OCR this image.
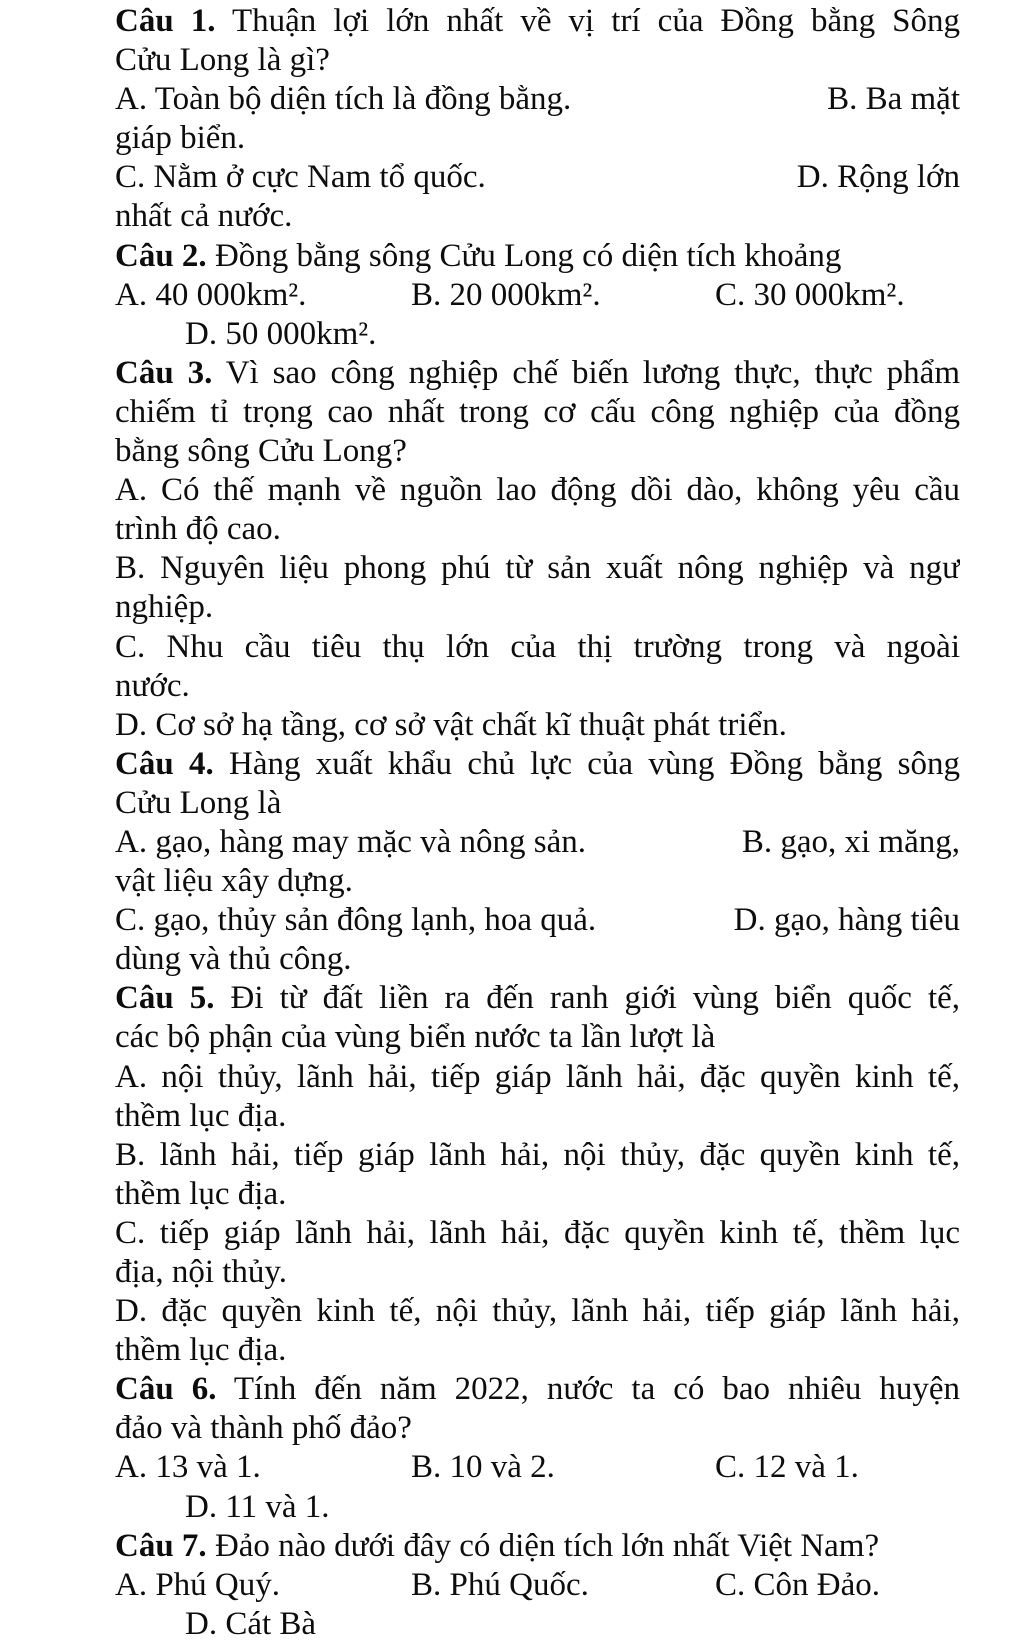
Câu 1. Thuận lợi lớn nhất về vị trí của Đồng bằng Sông
Cửu Long là gì?
A. Toàn bộ diện tích là đồng bằng.	B. Ba mặt
giáp biển.
C. Nằm ở cực Nam tổ quốc.	D. Rộng lớn
nhất cả nước.
Câu 2. Đồng bằng sông Cửu Long có diện tích khoảng
A. 40 000km².	B. 20 000km².	C. 30 000km².
D. 50 000km².
Câu 3. Vì sao công nghiệp chế biến lương thực, thực phẩm
chiếm tỉ trọng cao nhất trong cơ cấu công nghiệp của đồng
bằng sông Cửu Long?
A. Có thế mạnh về nguồn lao động dồi dào, không yêu cầu
trình độ cao.
B. Nguyên liệu phong phú từ sản xuất nông nghiệp và ngư
nghiệp.
C. Nhu cầu tiêu thụ lớn của thị trường trong và ngoài
nước.
D. Cơ sở hạ tầng, cơ sở vật chất kĩ thuật phát triển.
Câu 4. Hàng xuất khẩu chủ lực của vùng Đồng bằng sông
Cửu Long là
A. gạo, hàng may mặc và nông sản.	B. gạo, xi măng,
vật liệu xây dựng.
C. gạo, thủy sản đông lạnh, hoa quả.	D. gạo, hàng tiêu
dùng và thủ công.
Câu 5. Đi từ đất liền ra đến ranh giới vùng biển quốc tế,
các bộ phận của vùng biển nước ta lần lượt là
A. nội thủy, lãnh hải, tiếp giáp lãnh hải, đặc quyền kinh tế,
thềm lục địa.
B. lãnh hải, tiếp giáp lãnh hải, nội thủy, đặc quyền kinh tế,
thềm lục địa.
C. tiếp giáp lãnh hải, lãnh hải, đặc quyền kinh tế, thềm lục
địa, nội thủy.
D. đặc quyền kinh tế, nội thủy, lãnh hải, tiếp giáp lãnh hải,
thềm lục địa.
Câu 6. Tính đến năm 2022, nước ta có bao nhiêu huyện
đảo và thành phố đảo?
A. 13 và 1.	B. 10 và 2.	C. 12 và 1.
D. 11 và 1.
Câu 7. Đảo nào dưới đây có diện tích lớn nhất Việt Nam?
A. Phú Quý.	B. Phú Quốc.	C. Côn Đảo.
D. Cát Bà
